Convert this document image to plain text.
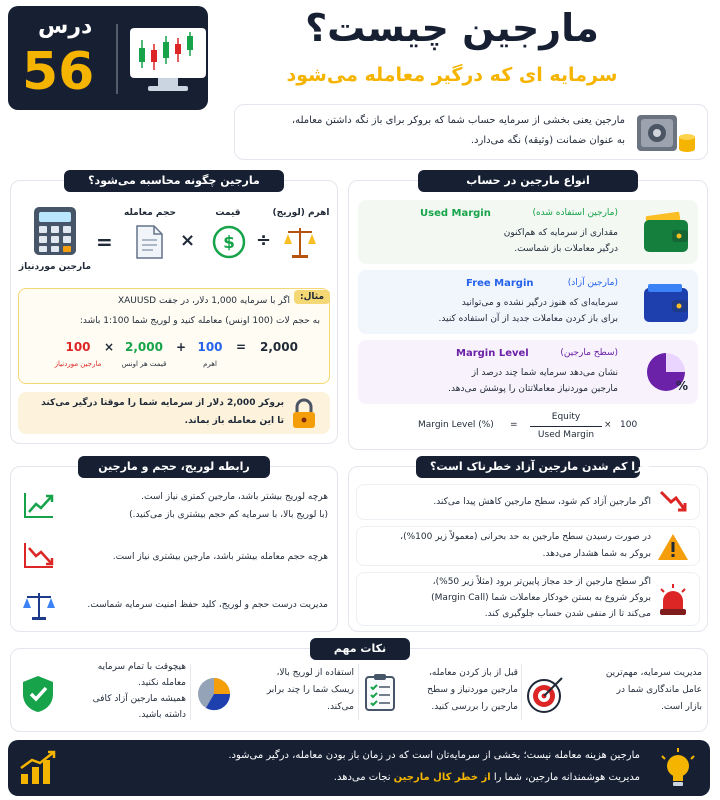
درس
56
مارجین چیست؟
سرمایه ای که درگیر معامله می‌شود
مارجین یعنی بخشی از سرمایه حساب شما که بروکر برای باز نگه داشتن معامله،
به عنوان ضمانت (وثیقه) نگه می‌دارد.
مارجین چگونه محاسبه می‌شود؟
مارجین موردنیاز
=
حجم معامله
×
قیمت
$ ÷
اهرم (لوریج)
مثال:
اگر با سرمایه 1,000 دلار، در جفت XAUUSD
به حجم لات (100 اونس) معامله کنید و لوریج شما 1:100 باشد:
100
مارجین موردنیاز
× 2,000
قیمت هر اونس
+ 100
اهرم
=	2,000
بروکر 2,000 دلار از سرمایه شما را موقتا درگیر می‌کند
تا این معامله باز بماند.
انواع مارجین در حساب
Used Margin	(مارجین استفاده شده)
مقداری از سرمایه که هم‌اکنون
درگیر معاملات باز شماست.
Free Margin	(مارجین آزاد)
سرمایه‌ای که هنوز درگیر نشده و می‌توانید
برای باز کردن معاملات جدید از آن استفاده کنید.
%
Margin Level	(سطح مارجین)
نشان می‌دهد سرمایه شما چند درصد از
مارجین موردنیاز معاملاتتان را پوشش می‌دهد.
Margin Level (%) =
Equity
Used Margin
× 100
رابطه لوریج، حجم و مارجین
هرچه لوریج بیشتر باشد، مارجین کمتری نیاز است.
(با لوریج بالا، با سرمایه کم حجم بیشتری باز می‌کنید.)
هرچه حجم معامله بیشتر باشد، مارجین بیشتری نیاز است.
مدیریت درست حجم و لوریج، کلید حفظ امنیت سرمایه شماست.
چرا کم شدن مارجین آزاد خطرناک است؟
اگر مارجین آزاد کم شود، سطح مارجین کاهش پیدا می‌کند.
در صورت رسیدن سطح مارجین به حد بحرانی (معمولاً زیر 100%)،
بروکر به شما هشدار می‌دهد.
اگر سطح مارجین از حد مجاز پایین‌تر برود (مثلاً زیر 50%)،
بروکر شروع به بستن خودکار معاملات شما (Margin Call)
می‌کند تا از منفی شدن حساب جلوگیری کند.
نکات مهم
مدیریت سرمایه، مهم‌ترین
عامل ماندگاری شما در
بازار است.
قبل از باز کردن معامله،
مارجین موردنیاز و سطح
مارجین را بررسی کنید.
استفاده از لوریج بالا،
ریسک شما را چند برابر
می‌کند.
هیچوقت با تمام سرمایه
معامله نکنید.
همیشه مارجین آزاد کافی
داشته باشید.
مارجین هزینه معامله نیست؛ بخشی از سرمایه‌تان است که در زمان باز بودن معامله، درگیر می‌شود.
مدیریت هوشمندانه مارجین، شما را از خطر کال مارجین نجات می‌دهد.
